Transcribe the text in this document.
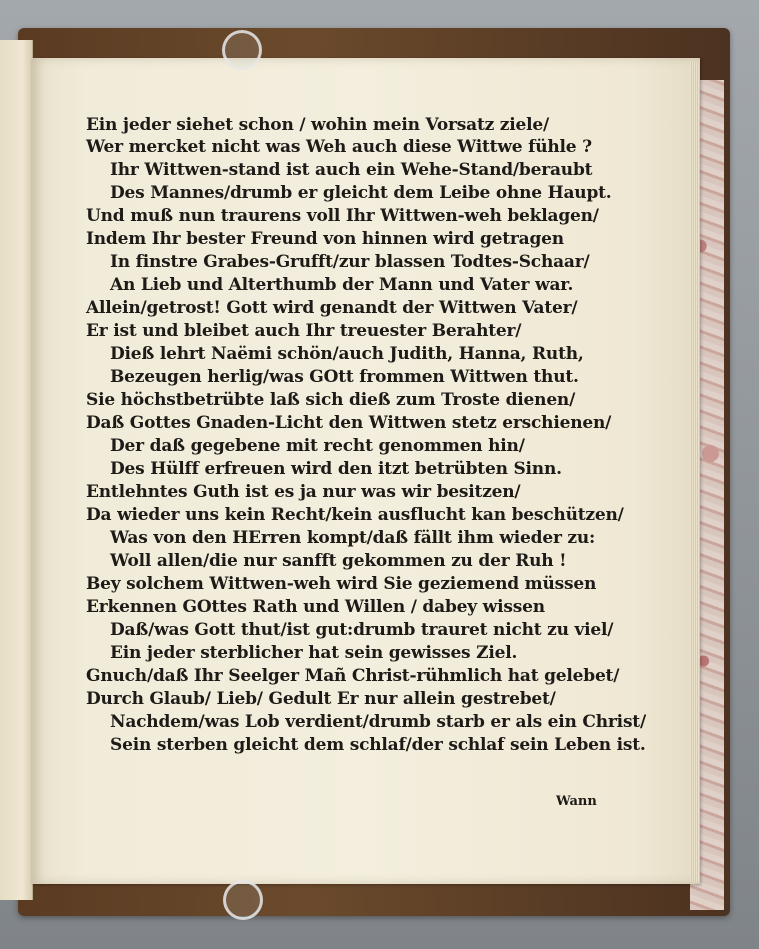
Ein jeder siehet schon / wohin mein Vorsatz ziele/
Wer mercket nicht was Weh auch diese Wittwe fühle ?
Ihr Wittwen-stand ist auch ein Wehe-Stand/beraubt
Des Mannes/drumb er gleicht dem Leibe ohne Haupt.
Und muß nun traurens voll Ihr Wittwen-weh beklagen/
Indem Ihr bester Freund von hinnen wird getragen
In finstre Grabes-Grufft/zur blassen Todtes-Schaar/
An Lieb und Alterthumb der Mann und Vater war.
Allein/getrost! Gott wird genandt der Wittwen Vater/
Er ist und bleibet auch Ihr treuester Berahter/
Dieß lehrt Naëmi schön/auch Judith, Hanna, Ruth,
Bezeugen herlig/was GOtt frommen Wittwen thut.
Sie höchstbetrübte laß sich dieß zum Troste dienen/
Daß Gottes Gnaden-Licht den Wittwen stetz erschienen/
Der daß gegebene mit recht genommen hin/
Des Hülff erfreuen wird den itzt betrübten Sinn.
Entlehntes Guth ist es ja nur was wir besitzen/
Da wieder uns kein Recht/kein ausflucht kan beschützen/
Was von den HErren kompt/daß fällt ihm wieder zu:
Woll allen/die nur sanfft gekommen zu der Ruh !
Bey solchem Wittwen-weh wird Sie geziemend müssen
Erkennen GOttes Rath und Willen / dabey wissen
Daß/was Gott thut/ist gut:drumb trauret nicht zu viel/
Ein jeder sterblicher hat sein gewisses Ziel.
Gnuch/daß Ihr Seelger Mañ Christ-rühmlich hat gelebet/
Durch Glaub/ Lieb/ Gedult Er nur allein gestrebet/
Nachdem/was Lob verdient/drumb starb er als ein Christ/
Sein sterben gleicht dem schlaf/der schlaf sein Leben ist.
Wann
